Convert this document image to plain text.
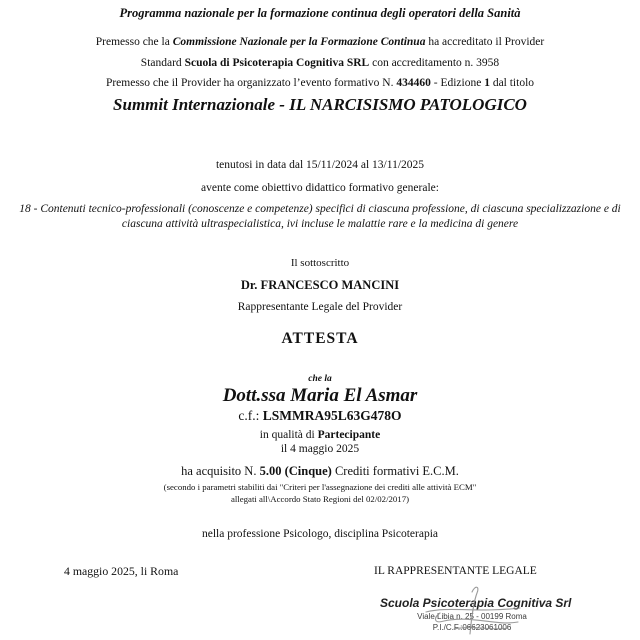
Programma nazionale per la formazione continua degli operatori della Sanità
Premesso che la Commissione Nazionale per la Formazione Continua ha accreditato il Provider
Standard Scuola di Psicoterapia Cognitiva SRL con accreditamento n. 3958
Premesso che il Provider ha organizzato l’evento formativo N. 434460 - Edizione 1 dal titolo
Summit Internazionale - IL NARCISISMO PATOLOGICO
tenutosi in data dal 15/11/2024 al 13/11/2025
avente come obiettivo didattico formativo generale:
18 - Contenuti tecnico-professionali (conoscenze e competenze) specifici di ciascuna professione, di ciascuna specializzazione e di ciascuna attività ultraspecialistica, ivi incluse le malattie rare e la medicina di genere
Il sottoscritto
Dr. FRANCESCO MANCINI
Rappresentante Legale del Provider
ATTESTA
che la
Dott.ssa Maria El Asmar
c.f.: LSMMRA95L63G478O
in qualità di Partecipante
il 4 maggio 2025
ha acquisito N. 5.00 (Cinque) Crediti formativi E.C.M.
(secondo i parametri stabiliti dai "Criteri per l'assegnazione dei crediti alle attività ECM"
allegati all\Accordo Stato Regioni del 02/02/2017)
nella professione Psicologo, disciplina Psicoterapia
4 maggio 2025, li Roma	IL RAPPRESENTANTE LEGALE
Scuola Psicoterapia Cognitiva Srl
Viale Libia n. 25 - 00199 Roma
P.I./C.F.:06623061006
